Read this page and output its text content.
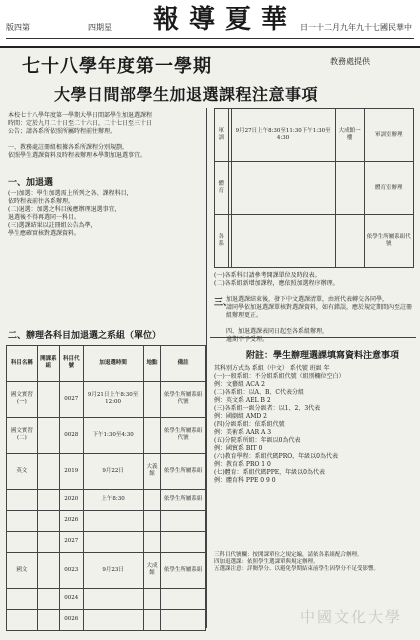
報 導 夏 華
版四第	四期星	日一十二月九年九十七國民華中
七十八學年度第一學期	教務處提供
大學日間部學生加退選課程注意事項
本校七十八學年度第一學期大學日間部學生加退選課程
時間：定於九月二十日至二十六日，二十七日至三十日
公告；請各系所依照所屬時程前往辦理。

一、教務處註冊組根據各系所課程分別規劃，
依照學生選課資料及時程表辦理本學期加退選事宜。
一、加退選
(一)加選：學生加選需上所列之各、課程科目，
依時程表前往各系辦理。
(二)退選：加選之科目後應辦理退選事宜，
退選後不得再選同一科目。
(三)選課結果以註冊組公告為準，
學生應確實核對選課資料。
二、辦理各科目加退選之系組（單位）
科目名稱	開課系組	科目代號	加退選時間	地點	備註
國文實習(一)		0027	9月21日上午8:30至12:00		依學生所屬系組代號
國文實習(二)		0028	下午1:30至4:30		依學生所屬系組代號
英文		2019	9月22日	大義館	依學生所屬系組
		2020	上午8:30		依學生所屬系組
		2026			
		2027			
國文		0023	9月23日	大成館	依學生所屬系組
		0024			
		0026			
軍訓		9月27日上午8:30至11:30下午1:30至4:30	大成館一樓	軍訓室辦理
體育				體育室辦理
各系				依學生所屬系組代號
(一)各系科目請參考開課單位及時段表。
(二)各系組新增加課程，應依照加選程序辦理。
三、
加退選課結束後，發下中文選課清單，由班代表轉交各同學，
請同學依加退選課單核對選課資料，如有錯誤，應於規定期間內至註冊組辦理更正。

四、加退選課表同日起至各系組辦理，
逾期不予受理。
附註：學生辦理選課填寫資料注意事項
其科別方式為 系組（中文） 系代號 班級 年
(一)一般系組：不分組系組代號（組別欄位空白）
例：文藝組 ACA 2
(二)各系組：以A、B、C代表分組
例：英文系 AEL B 2
(三)各系組一級分級者：以1、2、3代表
例：國劇組 AMD 2
(四)分級系組：依系組代號
例：美術系 AAR A 3
(五)分院系所組：年級以0為代表
例：國貿系 BIT 0
(六)教育學程：系組代碼PRO，年級以0為代表
例：教育系 PRO 1 0
(七)體育：系組代碼PPE，年級以0為代表
例：體育科 PPE 0 9 0
三科目代號欄：按開課單位之規定編，請依各系組配合辦理。
四加退選課：依照學生選課單與規定辦理。
五選課注意：詳閱學分、以避免學期結束前學生因學分不足受影響。
中國文化大學
